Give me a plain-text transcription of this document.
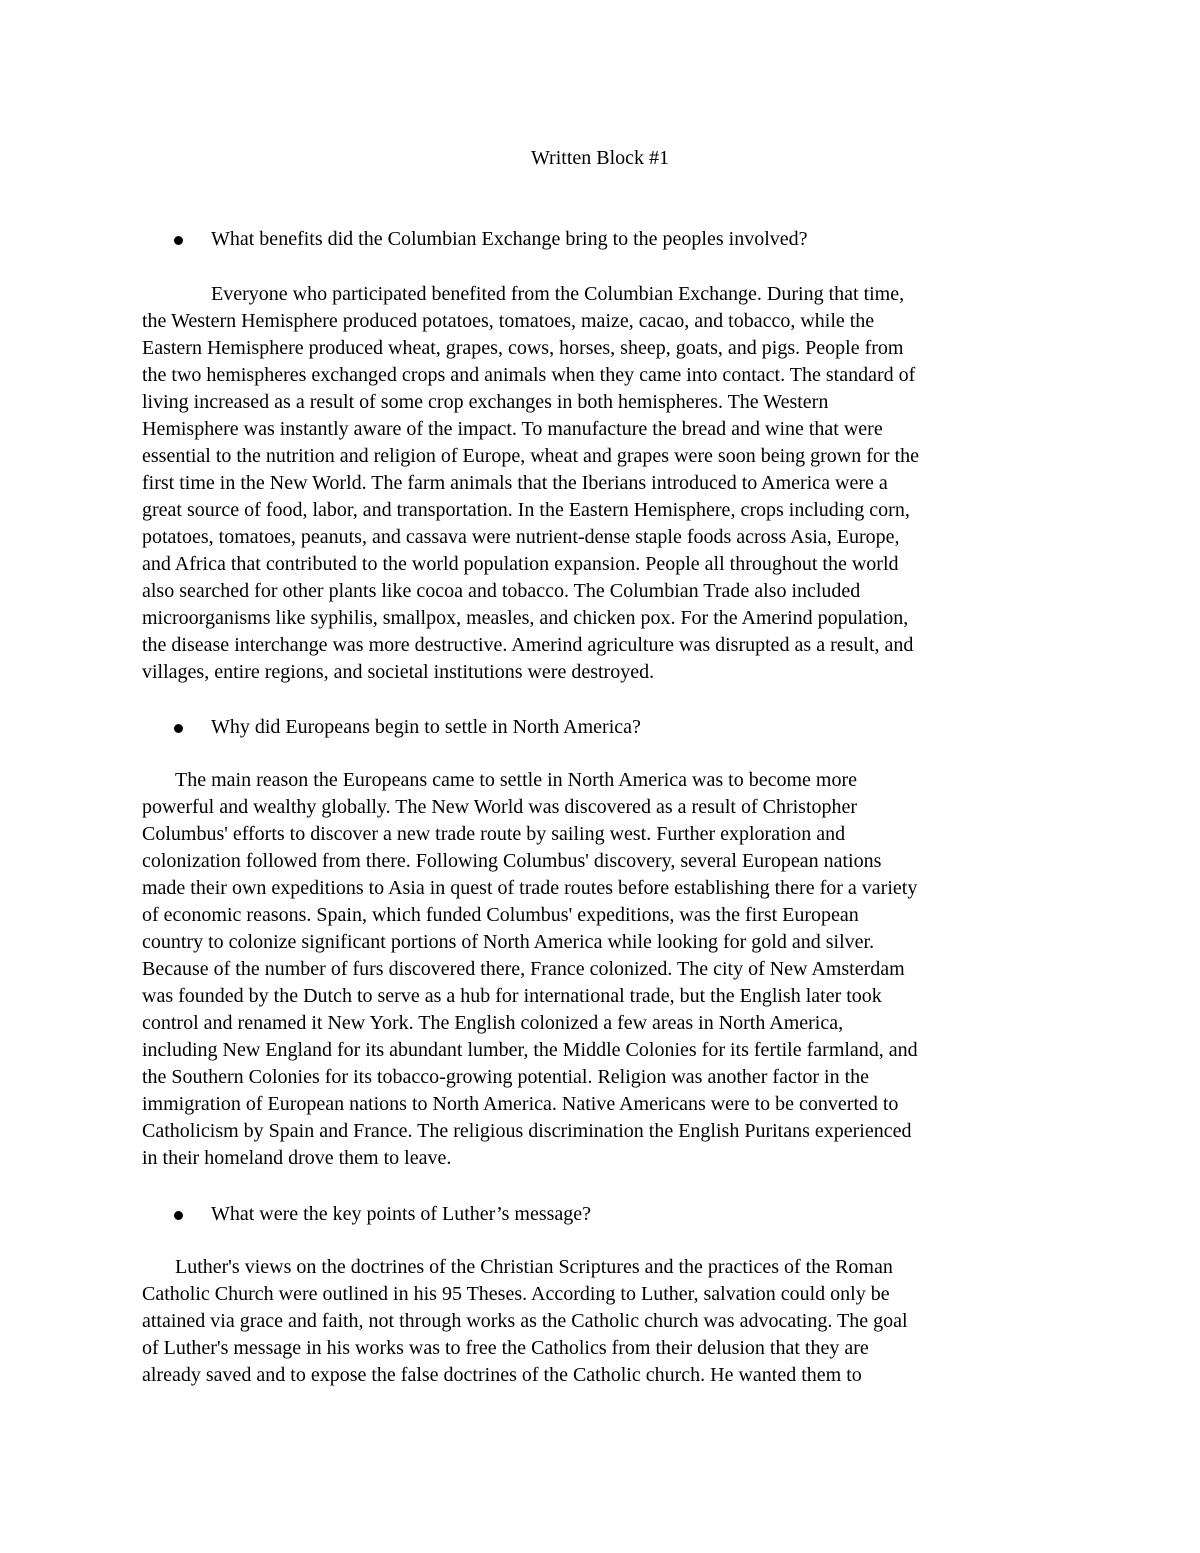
Written Block #1
What benefits did the Columbian Exchange bring to the peoples involved?
Everyone who participated benefited from the Columbian Exchange. During that time,
the Western Hemisphere produced potatoes, tomatoes, maize, cacao, and tobacco, while the
Eastern Hemisphere produced wheat, grapes, cows, horses, sheep, goats, and pigs. People from
the two hemispheres exchanged crops and animals when they came into contact. The standard of
living increased as a result of some crop exchanges in both hemispheres. The Western
Hemisphere was instantly aware of the impact. To manufacture the bread and wine that were
essential to the nutrition and religion of Europe, wheat and grapes were soon being grown for the
first time in the New World. The farm animals that the Iberians introduced to America were a
great source of food, labor, and transportation. In the Eastern Hemisphere, crops including corn,
potatoes, tomatoes, peanuts, and cassava were nutrient-dense staple foods across Asia, Europe,
and Africa that contributed to the world population expansion. People all throughout the world
also searched for other plants like cocoa and tobacco. The Columbian Trade also included
microorganisms like syphilis, smallpox, measles, and chicken pox. For the Amerind population,
the disease interchange was more destructive. Amerind agriculture was disrupted as a result, and
villages, entire regions, and societal institutions were destroyed.
Why did Europeans begin to settle in North America?
The main reason the Europeans came to settle in North America was to become more
powerful and wealthy globally. The New World was discovered as a result of Christopher
Columbus' efforts to discover a new trade route by sailing west. Further exploration and
colonization followed from there. Following Columbus' discovery, several European nations
made their own expeditions to Asia in quest of trade routes before establishing there for a variety
of economic reasons. Spain, which funded Columbus' expeditions, was the first European
country to colonize significant portions of North America while looking for gold and silver.
Because of the number of furs discovered there, France colonized. The city of New Amsterdam
was founded by the Dutch to serve as a hub for international trade, but the English later took
control and renamed it New York. The English colonized a few areas in North America,
including New England for its abundant lumber, the Middle Colonies for its fertile farmland, and
the Southern Colonies for its tobacco-growing potential. Religion was another factor in the
immigration of European nations to North America. Native Americans were to be converted to
Catholicism by Spain and France. The religious discrimination the English Puritans experienced
in their homeland drove them to leave.
What were the key points of Luther’s message?
Luther's views on the doctrines of the Christian Scriptures and the practices of the Roman
Catholic Church were outlined in his 95 Theses. According to Luther, salvation could only be
attained via grace and faith, not through works as the Catholic church was advocating. The goal
of Luther's message in his works was to free the Catholics from their delusion that they are
already saved and to expose the false doctrines of the Catholic church. He wanted them to
